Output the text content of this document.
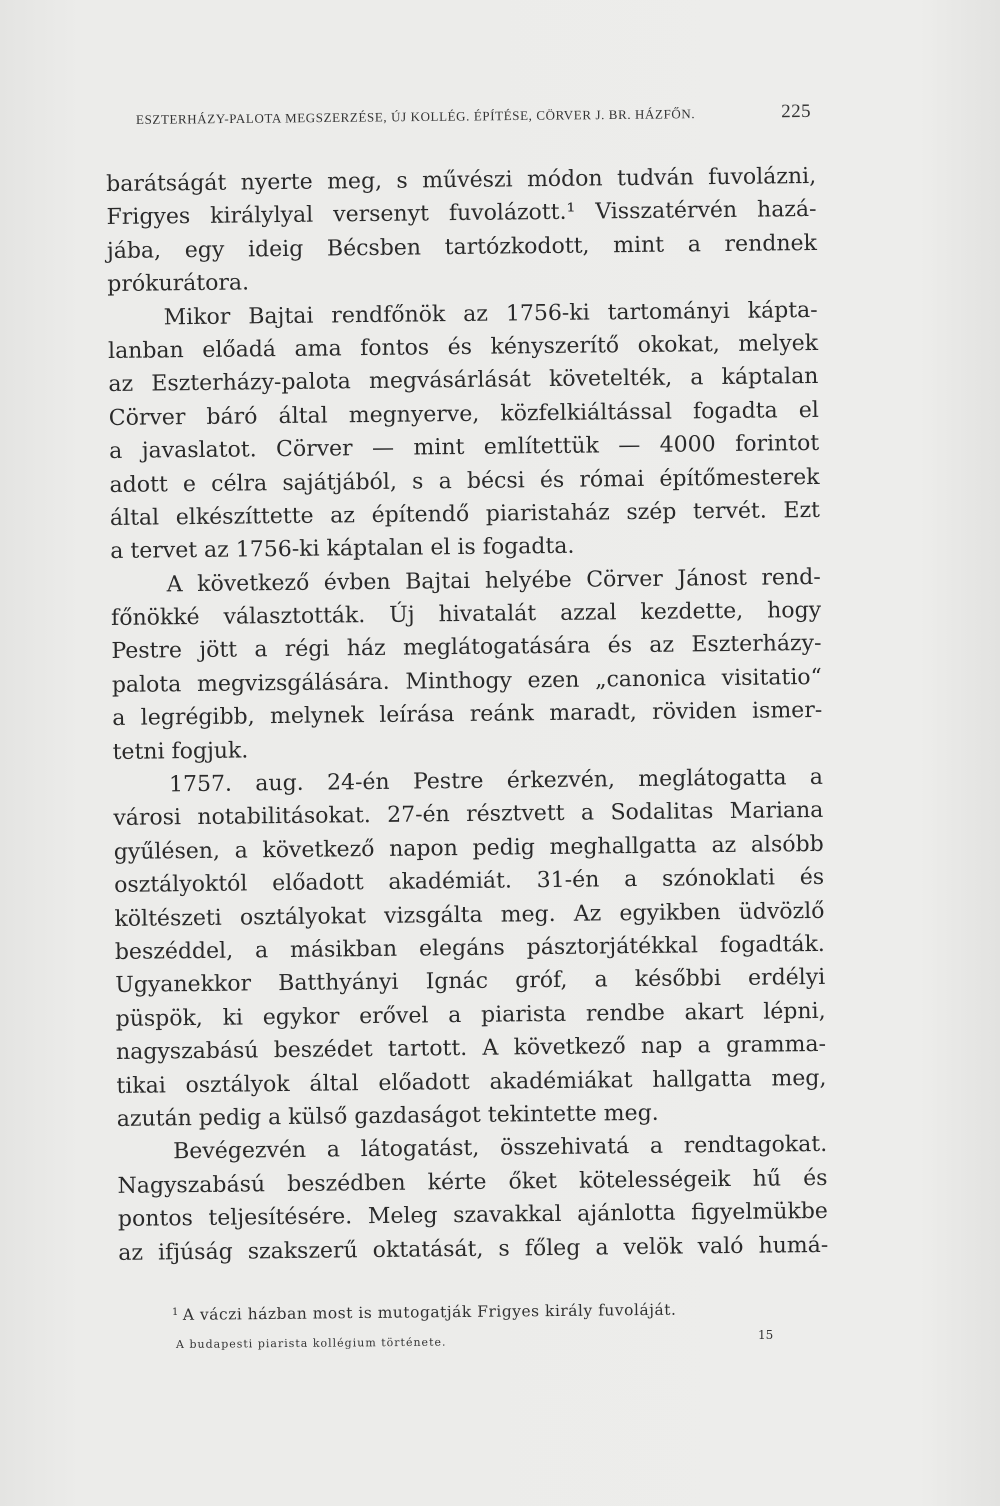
ESZTERHÁZY-PALOTA MEGSZERZÉSE, ÚJ KOLLÉG. ÉPÍTÉSE, CÖRVER J. BR. HÁZFŐN.	225
barátságát nyerte meg, s művészi módon tudván fuvolázni,
Frigyes királylyal versenyt fuvolázott.¹ Visszatérvén hazá-
jába, egy ideig Bécsben tartózkodott, mint a rendnek
prókurátora.
Mikor Bajtai rendfőnök az 1756-ki tartományi kápta-
lanban előadá ama fontos és kényszerítő okokat, melyek
az Eszterházy-palota megvásárlását követelték, a káptalan
Cörver báró által megnyerve, közfelkiáltással fogadta el
a javaslatot. Cörver — mint említettük — 4000 forintot
adott e célra sajátjából, s a bécsi és római építőmesterek
által elkészíttette az építendő piaristaház szép tervét. Ezt
a tervet az 1756-ki káptalan el is fogadta.
A következő évben Bajtai helyébe Cörver Jánost rend-
főnökké választották. Új hivatalát azzal kezdette, hogy
Pestre jött a régi ház meglátogatására és az Eszterházy-
palota megvizsgálására. Minthogy ezen „canonica visitatio“
a legrégibb, melynek leírása reánk maradt, röviden ismer-
tetni fogjuk.
1757. aug. 24-én Pestre érkezvén, meglátogatta a
városi notabilitásokat. 27-én résztvett a Sodalitas Mariana
gyűlésen, a következő napon pedig meghallgatta az alsóbb
osztályoktól előadott akadémiát. 31-én a szónoklati és
költészeti osztályokat vizsgálta meg. Az egyikben üdvözlő
beszéddel, a másikban elegáns pásztorjátékkal fogadták.
Ugyanekkor Batthyányi Ignác gróf, a későbbi erdélyi
püspök, ki egykor erővel a piarista rendbe akart lépni,
nagyszabású beszédet tartott. A következő nap a gramma-
tikai osztályok által előadott akadémiákat hallgatta meg,
azután pedig a külső gazdaságot tekintette meg.
Bevégezvén a látogatást, összehivatá a rendtagokat.
Nagyszabású beszédben kérte őket kötelességeik hű és
pontos teljesítésére. Meleg szavakkal ajánlotta figyelmükbe
az ifjúság szakszerű oktatását, s főleg a velök való humá-
$^1$ A váczi házban most is mutogatják Frigyes király fuvoláját.
A budapesti piarista kollégium története.
15
